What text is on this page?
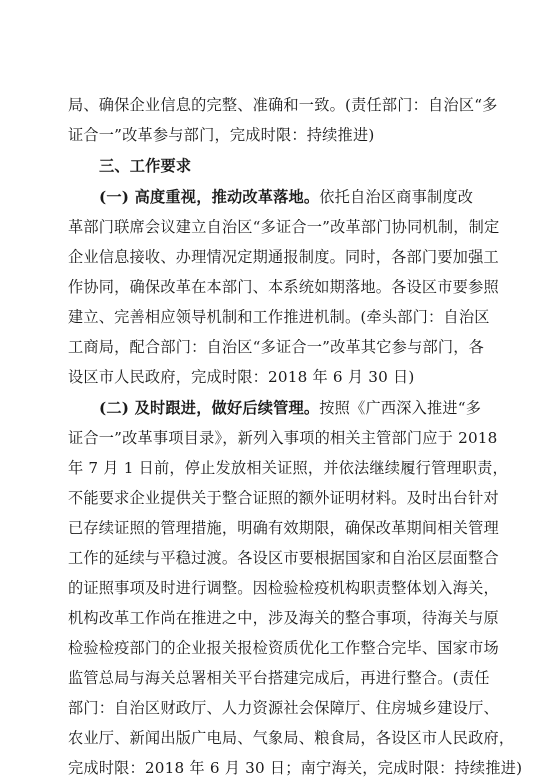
局、确保企业信息的完整、准确和一致。(责任部门：自治区“多
证合一”改革参与部门，完成时限：持续推进)
三、工作要求
(一) 高度重视，推动改革落地。依托自治区商事制度改
革部门联席会议建立自治区“多证合一”改革部门协同机制，制定
企业信息接收、办理情况定期通报制度。同时，各部门要加强工
作协同，确保改革在本部门、本系统如期落地。各设区市要参照
建立、完善相应领导机制和工作推进机制。(牵头部门：自治区
工商局，配合部门：自治区“多证合一”改革其它参与部门，各
设区市人民政府，完成时限：2018 年 6 月 30 日)
(二) 及时跟进，做好后续管理。按照《广西深入推进“多
证合一”改革事项目录》，新列入事项的相关主管部门应于 2018
年 7 月 1 日前，停止发放相关证照，并依法继续履行管理职责，
不能要求企业提供关于整合证照的额外证明材料。及时出台针对
已存续证照的管理措施，明确有效期限，确保改革期间相关管理
工作的延续与平稳过渡。各设区市要根据国家和自治区层面整合
的证照事项及时进行调整。因检验检疫机构职责整体划入海关，
机构改革工作尚在推进之中，涉及海关的整合事项，待海关与原
检验检疫部门的企业报关报检资质优化工作整合完毕、国家市场
监管总局与海关总署相关平台搭建完成后，再进行整合。(责任
部门：自治区财政厅、人力资源社会保障厅、住房城乡建设厅、
农业厅、新闻出版广电局、气象局、粮食局，各设区市人民政府，
完成时限：2018 年 6 月 30 日；南宁海关，完成时限：持续推进)
